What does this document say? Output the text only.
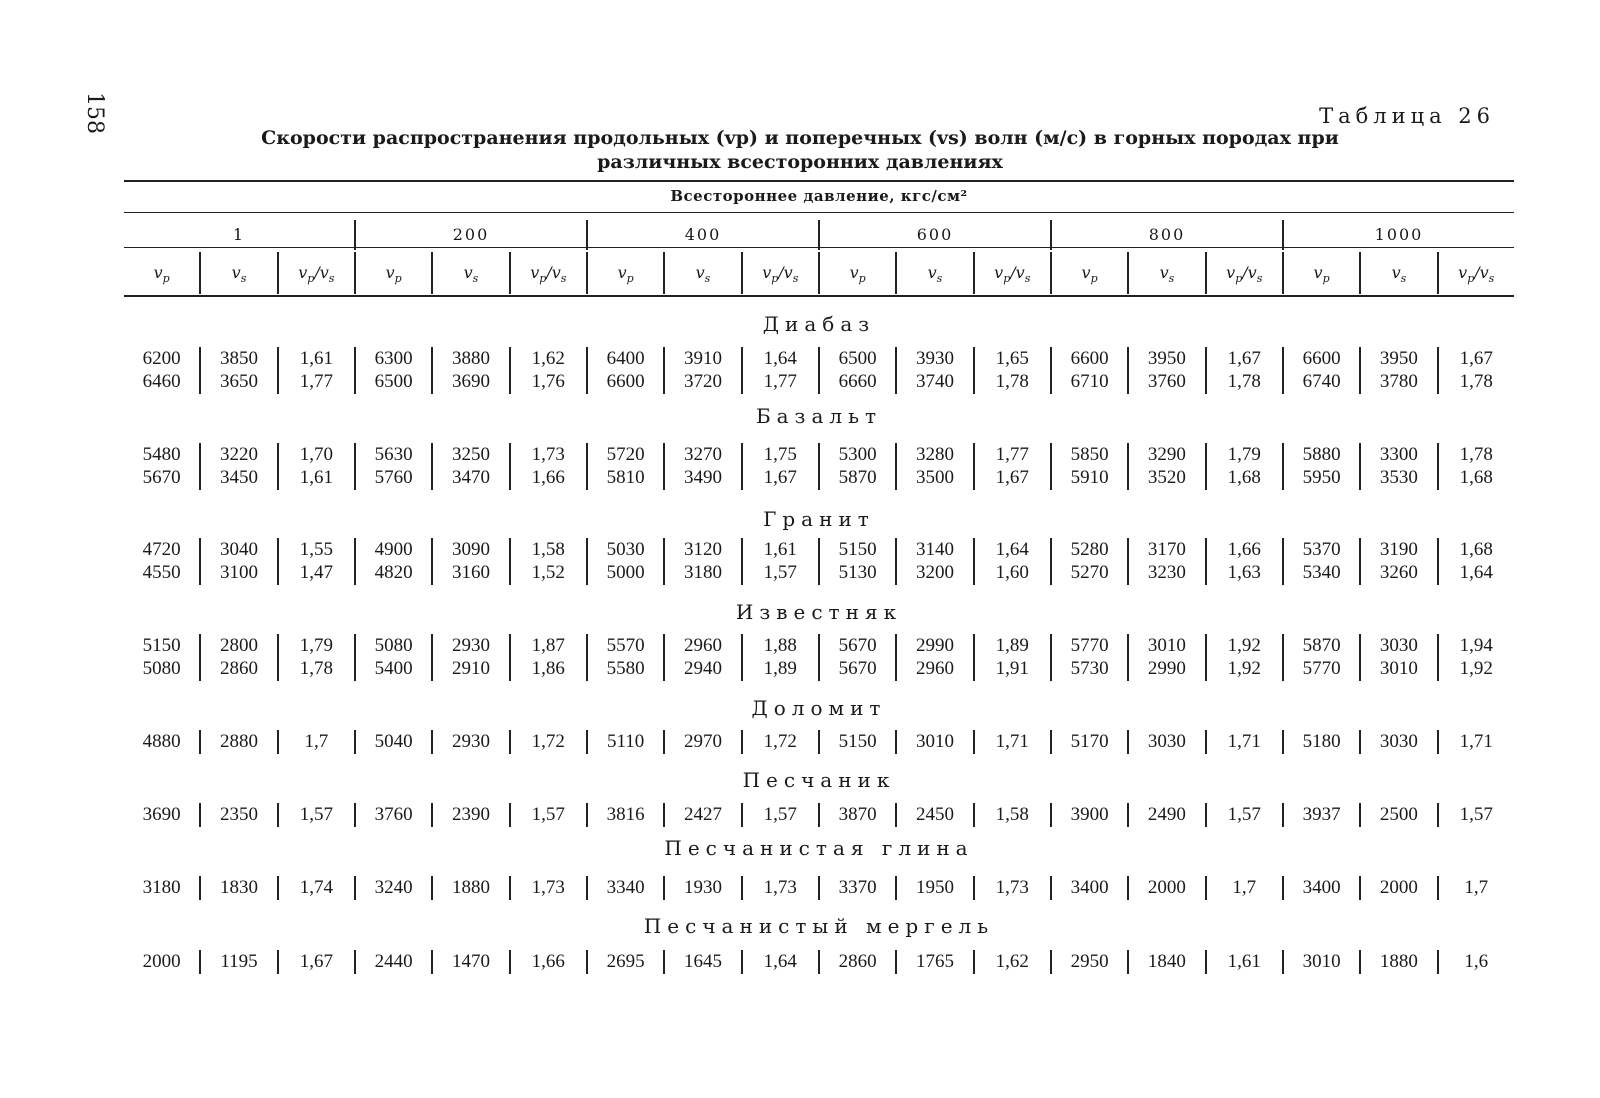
158	Таблица 26
Скорости распространения продольных (vp) и поперечных (vs) волн (м/с) в горных породах при
различных всесторонних давлениях
Всестороннее давление, кгс/см²
1	200	400	600	800	1000
$v_p$	$v_s$	$v_p/v_s$	$v_p$	$v_s$	$v_p/v_s$	$v_p$	$v_s$	$v_p/v_s$	$v_p$	$v_s$	$v_p/v_s$	$v_p$	$v_s$	$v_p/v_s$	$v_p$	$v_s$	$v_p/v_s$
Диабаз
6200	3850	1,61	6300	3880	1,62	6400	3910	1,64	6500	3930	1,65	6600	3950	1,67	6600	3950	1,67
6460	3650	1,77	6500	3690	1,76	6600	3720	1,77	6660	3740	1,78	6710	3760	1,78	6740	3780	1,78
Базальт
5480	3220	1,70	5630	3250	1,73	5720	3270	1,75	5300	3280	1,77	5850	3290	1,79	5880	3300	1,78
5670	3450	1,61	5760	3470	1,66	5810	3490	1,67	5870	3500	1,67	5910	3520	1,68	5950	3530	1,68
Гранит
4720	3040	1,55	4900	3090	1,58	5030	3120	1,61	5150	3140	1,64	5280	3170	1,66	5370	3190	1,68
4550	3100	1,47	4820	3160	1,52	5000	3180	1,57	5130	3200	1,60	5270	3230	1,63	5340	3260	1,64
Известняк
5150	2800	1,79	5080	2930	1,87	5570	2960	1,88	5670	2990	1,89	5770	3010	1,92	5870	3030	1,94
5080	2860	1,78	5400	2910	1,86	5580	2940	1,89	5670	2960	1,91	5730	2990	1,92	5770	3010	1,92
Доломит
4880	2880	1,7	5040	2930	1,72	5110	2970	1,72	5150	3010	1,71	5170	3030	1,71	5180	3030	1,71
Песчаник
3690	2350	1,57	3760	2390	1,57	3816	2427	1,57	3870	2450	1,58	3900	2490	1,57	3937	2500	1,57
Песчанистая глина
3180	1830	1,74	3240	1880	1,73	3340	1930	1,73	3370	1950	1,73	3400	2000	1,7	3400	2000	1,7
Песчанистый мергель
2000	1195	1,67	2440	1470	1,66	2695	1645	1,64	2860	1765	1,62	2950	1840	1,61	3010	1880	1,6
